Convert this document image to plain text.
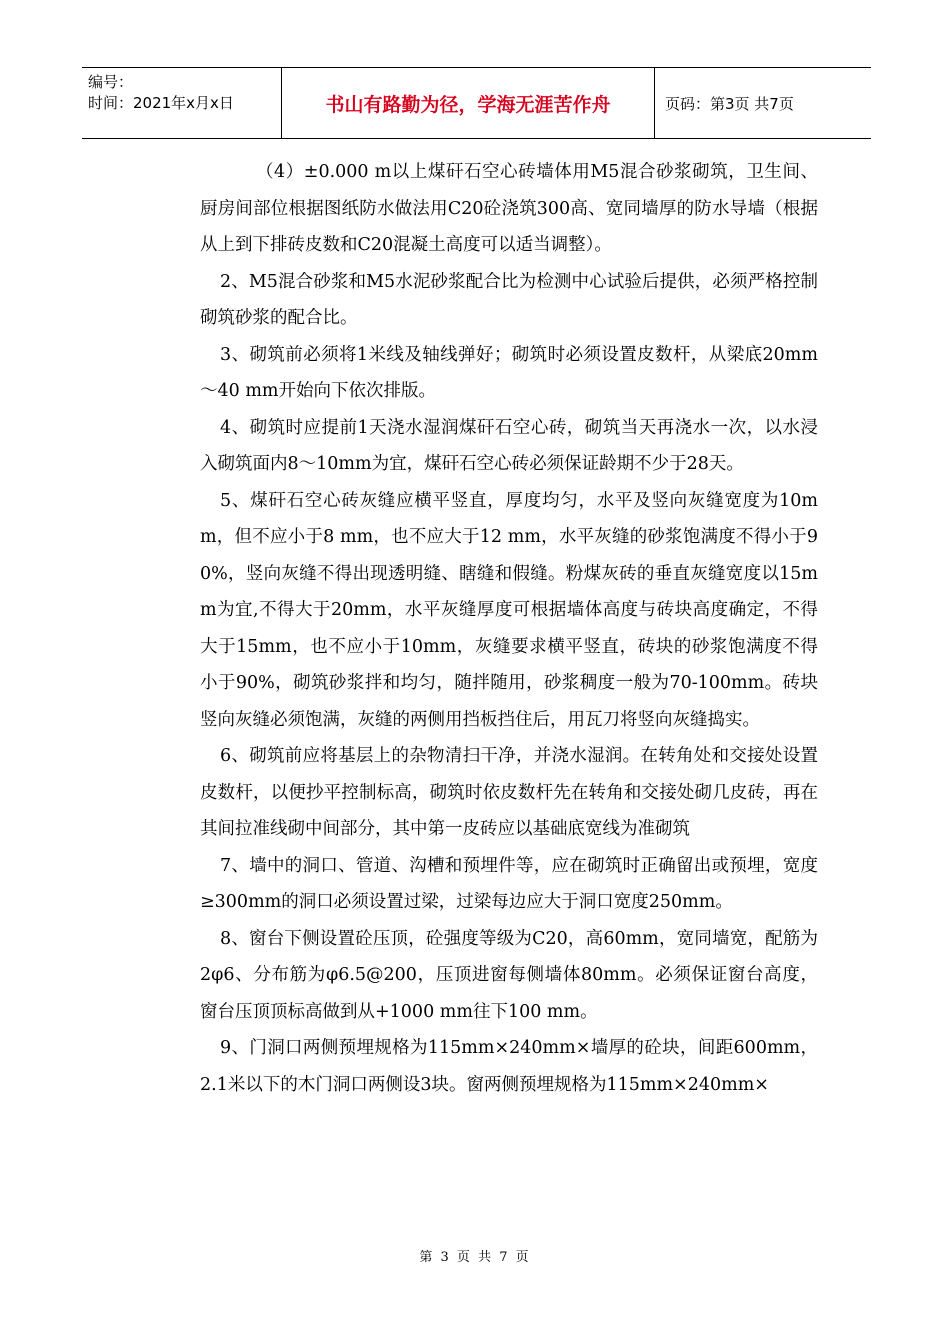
编号：
时间：2021年x月x日	书山有路勤为径，学海无涯苦作舟	页码：第3页 共7页

（4）±0.000 m以上煤矸石空心砖墙体用M5混合砂浆砌筑，卫生间、厨房间部位根据图纸防水做法用C20砼浇筑300高、宽同墙厚的防水导墙（根据从上到下排砖皮数和C20混凝土高度可以适当调整）。

2、M5混合砂浆和M5水泥砂浆配合比为检测中心试验后提供，必须严格控制砌筑砂浆的配合比。

3、砌筑前必须将1米线及轴线弹好；砌筑时必须设置皮数杆，从梁底20mm～40 mm开始向下依次排版。

4、砌筑时应提前1天浇水湿润煤矸石空心砖，砌筑当天再浇水一次，以水浸入砌筑面内8～10mm为宜，煤矸石空心砖必须保证龄期不少于28天。

5、煤矸石空心砖灰缝应横平竖直，厚度均匀，水平及竖向灰缝宽度为10mm，但不应小于8 mm，也不应大于12 mm，水平灰缝的砂浆饱满度不得小于90%，竖向灰缝不得出现透明缝、瞎缝和假缝。粉煤灰砖的垂直灰缝宽度以15mm为宜,不得大于20mm，水平灰缝厚度可根据墙体高度与砖块高度确定，不得大于15mm，也不应小于10mm，灰缝要求横平竖直，砖块的砂浆饱满度不得小于90%，砌筑砂浆拌和均匀，随拌随用，砂浆稠度一般为70-100mm。砖块竖向灰缝必须饱满，灰缝的两侧用挡板挡住后，用瓦刀将竖向灰缝捣实。

6、砌筑前应将基层上的杂物清扫干净，并浇水湿润。在转角处和交接处设置皮数杆，以便抄平控制标高，砌筑时依皮数杆先在转角和交接处砌几皮砖，再在其间拉准线砌中间部分，其中第一皮砖应以基础底宽线为准砌筑

7、墙中的洞口、管道、沟槽和预埋件等，应在砌筑时正确留出或预埋，宽度≥300mm的洞口必须设置过梁，过梁每边应大于洞口宽度250mm。

8、窗台下侧设置砼压顶，砼强度等级为C20，高60mm，宽同墙宽，配筋为2φ6、分布筋为φ6.5@200，压顶进窗每侧墙体80mm。必须保证窗台高度，窗台压顶顶标高做到从+1000 mm往下100 mm。

9、门洞口两侧预埋规格为115mm×240mm×墙厚的砼块，间距600mm，2.1米以下的木门洞口两侧设3块。窗两侧预埋规格为115mm×240mm×

第 3 页 共 7 页
